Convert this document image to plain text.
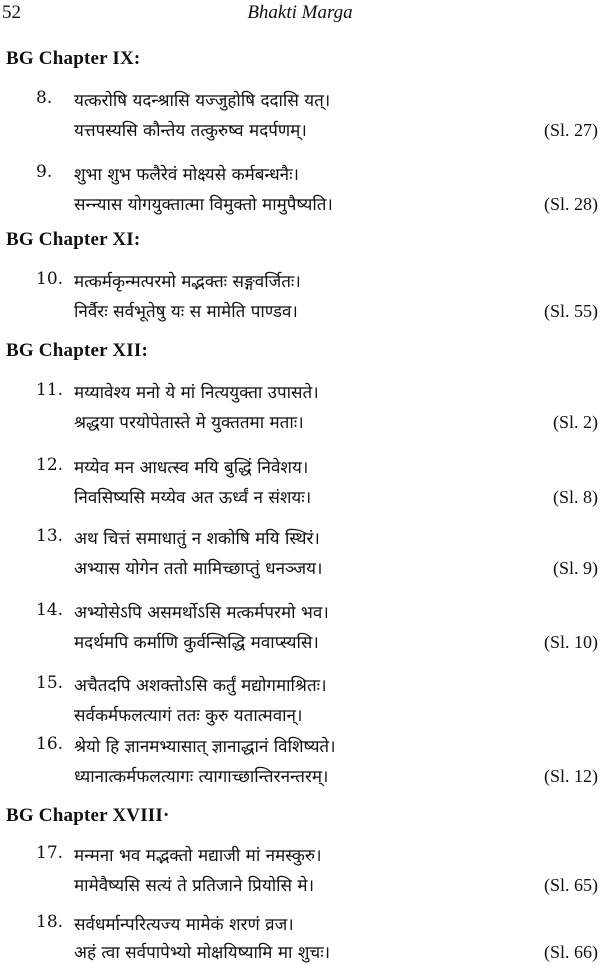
52	Bhakti Marga
BG Chapter IX:
8.	यत्करोषि यदन्श्रासि यज्जुहोषि ददासि यत्।
यत्तपस्यसि कौन्तेय तत्कुरुष्व मदर्पणम्।	(Sl. 27)
9.	शुभा शुभ फलैरेवं मोक्ष्यसे कर्मबन्धनैः।
सन्न्यास योगयुक्तात्मा विमुक्तो मामुपैष्यति।	(Sl. 28)
BG Chapter XI:
10. मत्कर्मकृन्मत्परमो मद्भक्तः सङ्गवर्जितः।
निर्वैरः सर्वभूतेषु यः स मामेति पाण्डव।	(Sl. 55)
BG Chapter XII:
11. मय्यावेश्य मनो ये मां नित्ययुक्ता उपासते।
श्रद्धया परयोपेतास्ते मे युक्ततमा मताः।	(Sl. 2)
12. मय्येव मन आधत्स्व मयि बुद्धिं निवेशय।
निवसिष्यसि मय्येव अत ऊर्ध्वं न संशयः।	(Sl. 8)
13. अथ चित्तं समाधातुं न शकोषि मयि स्थिरं।
अभ्यास योगेन ततो मामिच्छाप्तुं धनञ्जय।	(Sl. 9)
14. अभ्योसेऽपि असमर्थोऽसि मत्कर्मपरमो भव।
मदर्थमपि कर्माणि कुर्वन्सिद्धि मवाप्स्यसि।	(Sl. 10)
15. अचैतदपि अशक्तोऽसि कर्तुं मद्योगमाश्रितः।
सर्वकर्मफलत्यागं ततः कुरु यतात्मवान्।
16. श्रेयो हि ज्ञानमभ्यासात् ज्ञानाद्धानं विशिष्यते।
ध्यानात्कर्मफलत्यागः त्यागाच्छान्तिरनन्तरम्।	(Sl. 12)
BG Chapter XVIII·
17. मन्मना भव मद्भक्तो मद्याजी मां नमस्कुरु।
मामेवैष्यसि सत्यं ते प्रतिजाने प्रियोसि मे।	(Sl. 65)
18. सर्वधर्मान्परित्यज्य मामेकं शरणं व्रज।
अहं त्वा सर्वपापेभ्यो मोक्षयिष्यामि मा शुचः।	(Sl. 66)
